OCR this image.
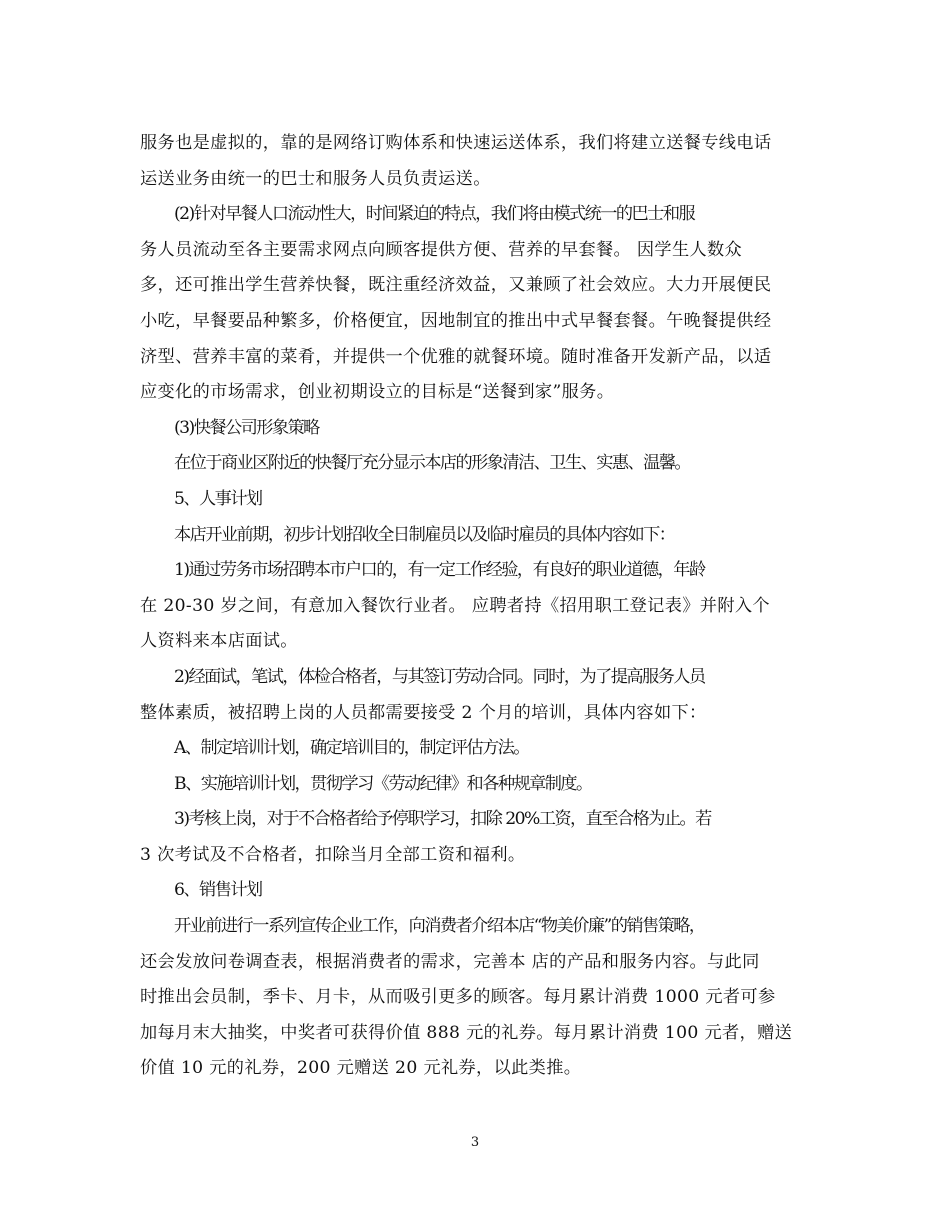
服务也是虚拟的，靠的是网络订购体系和快速运送体系，我们将建立送餐专线电话
运送业务由统一的巴士和服务人员负责运送。
(2)针对早餐人口流动性大，时间紧迫的特点，我们将由模式统一的巴士和服
务人员流动至各主要需求网点向顾客提供方便、营养的早套餐。 因学生人数众
多，还可推出学生营养快餐，既注重经济效益，又兼顾了社会效应。大力开展便民
小吃，早餐要品种繁多，价格便宜，因地制宜的推出中式早餐套餐。午晚餐提供经
济型、营养丰富的菜肴，并提供一个优雅的就餐环境。随时准备开发新产品，以适
应变化的市场需求，创业初期设立的目标是“送餐到家”服务。
(3)快餐公司形象策略
在位于商业区附近的快餐厅充分显示本店的形象清洁、卫生、实惠、温馨。
5、人事计划
本店开业前期，初步计划招收全日制雇员以及临时雇员的具体内容如下：
1)通过劳务市场招聘本市户口的，有一定工作经验，有良好的职业道德，年龄
在 20-30 岁之间，有意加入餐饮行业者。 应聘者持《招用职工登记表》并附入个
人资料来本店面试。
2)经面试，笔试，体检合格者，与其签订劳动合同。同时，为了提高服务人员
整体素质，被招聘上岗的人员都需要接受 2 个月的培训，具体内容如下：
A、制定培训计划，确定培训目的，制定评估方法。
B、实施培训计划，贯彻学习《劳动纪律》和各种规章制度。
3)考核上岗，对于不合格者给予停职学习，扣除 20%工资，直至合格为止。若
3 次考试及不合格者，扣除当月全部工资和福利。
6、销售计划
开业前进行一系列宣传企业工作，向消费者介绍本店“物美价廉”的销售策略，
还会发放问卷调查表，根据消费者的需求，完善本 店的产品和服务内容。与此同
时推出会员制，季卡、月卡，从而吸引更多的顾客。每月累计消费 1000 元者可参
加每月末大抽奖，中奖者可获得价值 888 元的礼券。每月累计消费 100 元者，赠送
价值 10 元的礼券，200 元赠送 20 元礼券，以此类推。
3
